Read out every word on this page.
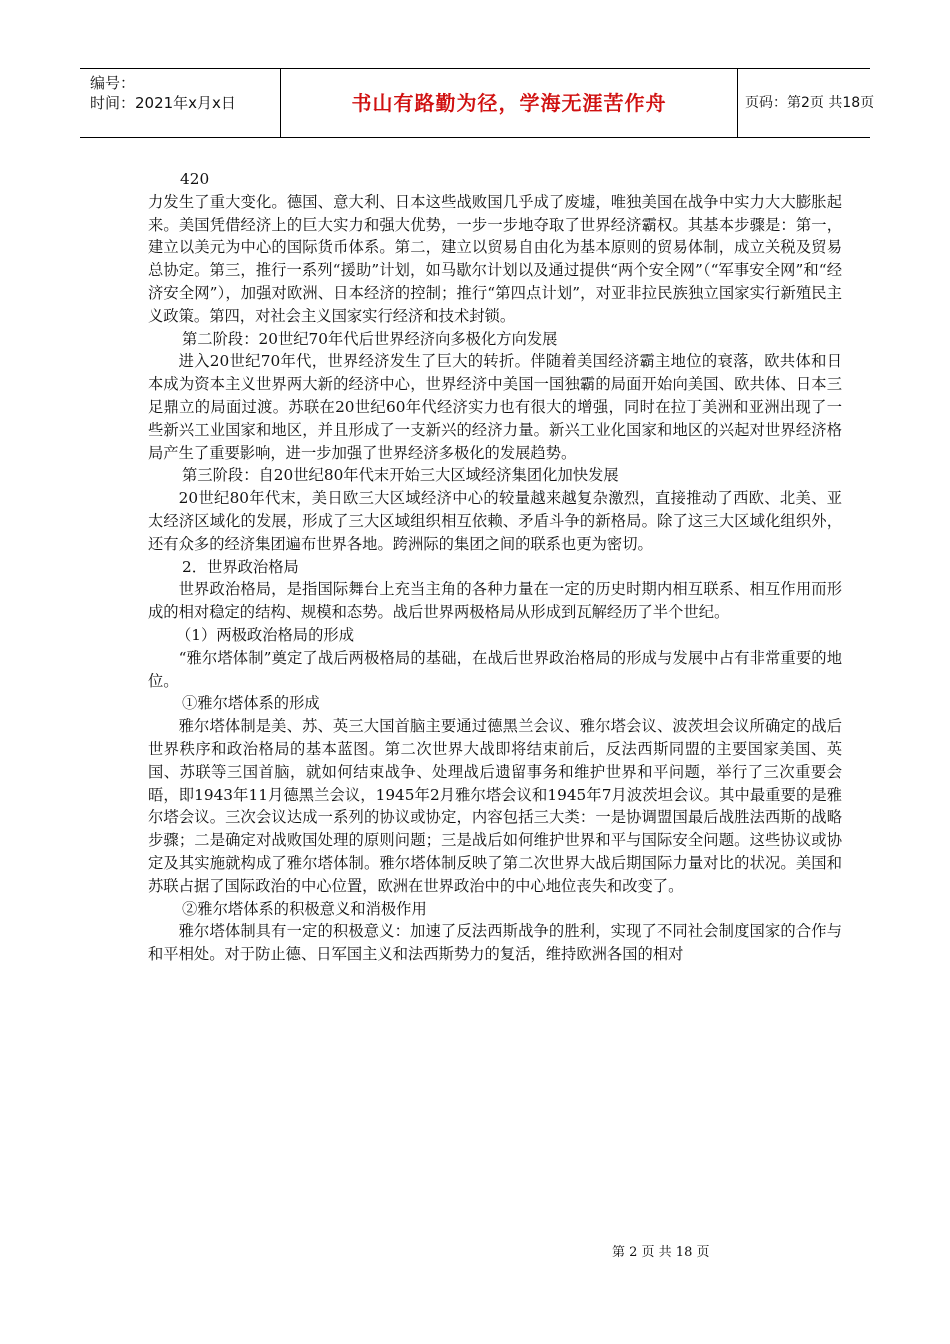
编号：
时间：2021年x月x日	书山有路勤为径，学海无涯苦作舟	页码：第2页 共18页

420

力发生了重大变化。德国、意大利、日本这些战败国几乎成了废墟，唯独美国在战争中实力大大膨胀起来。美国凭借经济上的巨大实力和强大优势，一步一步地夺取了世界经济霸权。其基本步骤是：第一，建立以美元为中心的国际货币体系。第二，建立以贸易自由化为基本原则的贸易体制，成立关税及贸易总协定。第三，推行一系列“援助”计划，如马歇尔计划以及通过提供“两个安全网”（“军事安全网”和“经济安全网”），加强对欧洲、日本经济的控制；推行“第四点计划”，对亚非拉民族独立国家实行新殖民主义政策。第四，对社会主义国家实行经济和技术封锁。

第二阶段：20世纪70年代后世界经济向多极化方向发展

进入20世纪70年代，世界经济发生了巨大的转折。伴随着美国经济霸主地位的衰落，欧共体和日本成为资本主义世界两大新的经济中心，世界经济中美国一国独霸的局面开始向美国、欧共体、日本三足鼎立的局面过渡。苏联在20世纪60年代经济实力也有很大的增强，同时在拉丁美洲和亚洲出现了一些新兴工业国家和地区，并且形成了一支新兴的经济力量。新兴工业化国家和地区的兴起对世界经济格局产生了重要影响，进一步加强了世界经济多极化的发展趋势。

第三阶段：自20世纪80年代末开始三大区域经济集团化加快发展

20世纪80年代末，美日欧三大区域经济中心的较量越来越复杂激烈，直接推动了西欧、北美、亚太经济区域化的发展，形成了三大区域组织相互依赖、矛盾斗争的新格局。除了这三大区域化组织外，还有众多的经济集团遍布世界各地。跨洲际的集团之间的联系也更为密切。

2．世界政治格局

世界政治格局，是指国际舞台上充当主角的各种力量在一定的历史时期内相互联系、相互作用而形成的相对稳定的结构、规模和态势。战后世界两极格局从形成到瓦解经历了半个世纪。

（1）两极政治格局的形成

“雅尔塔体制”奠定了战后两极格局的基础，在战后世界政治格局的形成与发展中占有非常重要的地位。

①雅尔塔体系的形成

雅尔塔体制是美、苏、英三大国首脑主要通过德黑兰会议、雅尔塔会议、波茨坦会议所确定的战后世界秩序和政治格局的基本蓝图。第二次世界大战即将结束前后，反法西斯同盟的主要国家美国、英国、苏联等三国首脑，就如何结束战争、处理战后遗留事务和维护世界和平问题，举行了三次重要会晤，即1943年11月德黑兰会议，1945年2月雅尔塔会议和1945年7月波茨坦会议。其中最重要的是雅尔塔会议。三次会议达成一系列的协议或协定，内容包括三大类：一是协调盟国最后战胜法西斯的战略步骤；二是确定对战败国处理的原则问题；三是战后如何维护世界和平与国际安全问题。这些协议或协定及其实施就构成了雅尔塔体制。雅尔塔体制反映了第二次世界大战后期国际力量对比的状况。美国和苏联占据了国际政治的中心位置，欧洲在世界政治中的中心地位丧失和改变了。

②雅尔塔体系的积极意义和消极作用

雅尔塔体制具有一定的积极意义：加速了反法西斯战争的胜利，实现了不同社会制度国家的合作与和平相处。对于防止德、日军国主义和法西斯势力的复活，维持欧洲各国的相对

第 2 页 共 18 页
